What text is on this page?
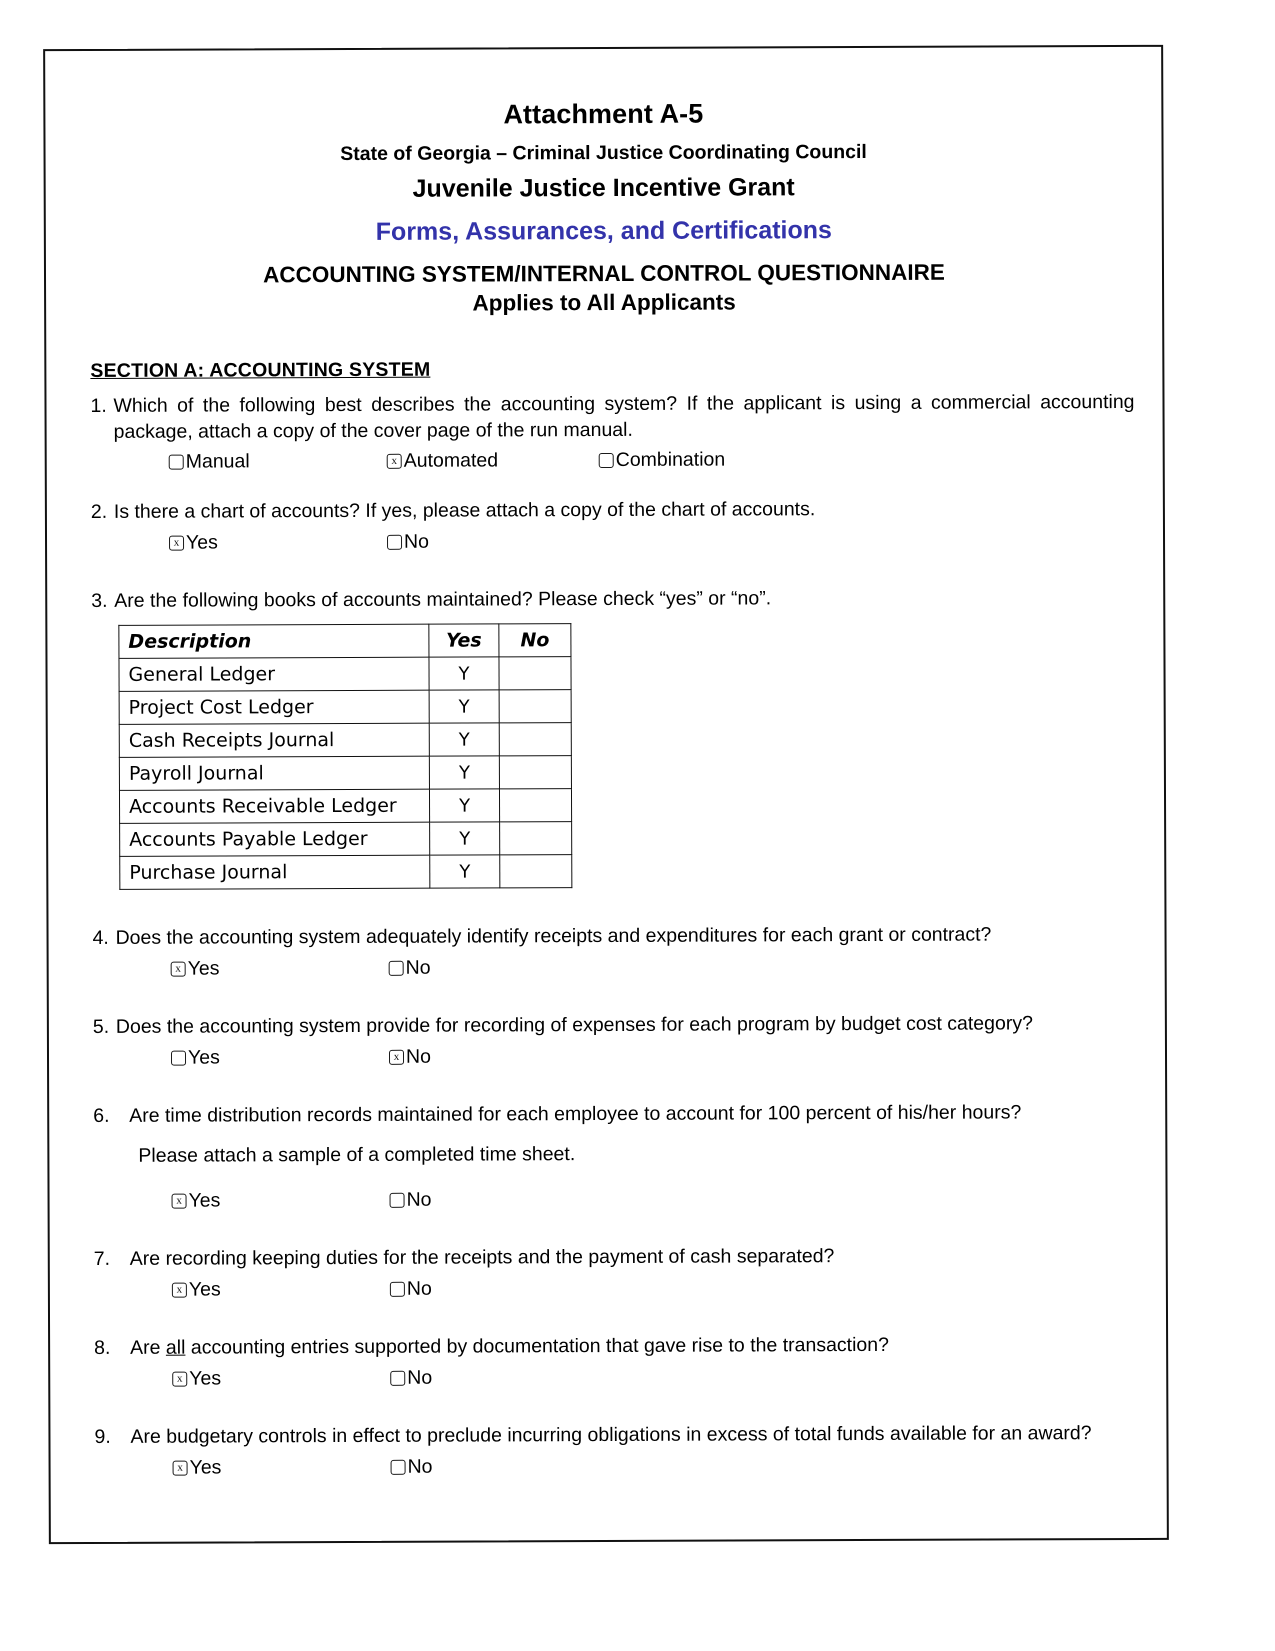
Attachment A-5
State of Georgia – Criminal Justice Coordinating Council
Juvenile Justice Incentive Grant
Forms, Assurances, and Certifications
ACCOUNTING SYSTEM/INTERNAL CONTROL QUESTIONNAIRE
Applies to All Applicants
SECTION A: ACCOUNTING SYSTEM
1. Which of the following best describes the accounting system? If the applicant is using a commercial accounting package, attach a copy of the cover page of the run manual.
Manual x	Automated	Combination
2. Is there a chart of accounts? If yes, please attach a copy of the chart of accounts.
x
Yes	No
3. Are the following books of accounts maintained? Please check “yes” or “no”.
Description	Yes	No
General Ledger	Y	
Project Cost Ledger	Y	
Cash Receipts Journal	Y	
Payroll Journal	Y	
Accounts Receivable Ledger	Y	
Accounts Payable Ledger	Y	
Purchase Journal	Y	
4. Does the accounting system adequately identify receipts and expenditures for each grant or contract?
x
Yes	No
5. Does the accounting system provide for recording of expenses for each program by budget cost category?
Yes x	No
6.	Are time distribution records maintained for each employee to account for 100 percent of his/her hours?
Please attach a sample of a completed time sheet.
x
Yes	No
7.	Are recording keeping duties for the receipts and the payment of cash separated?
x
Yes	No
8.	Are all accounting entries supported by documentation that gave rise to the transaction?
x
Yes	No
9.	Are budgetary controls in effect to preclude incurring obligations in excess of total funds available for an award?
x
Yes	No
